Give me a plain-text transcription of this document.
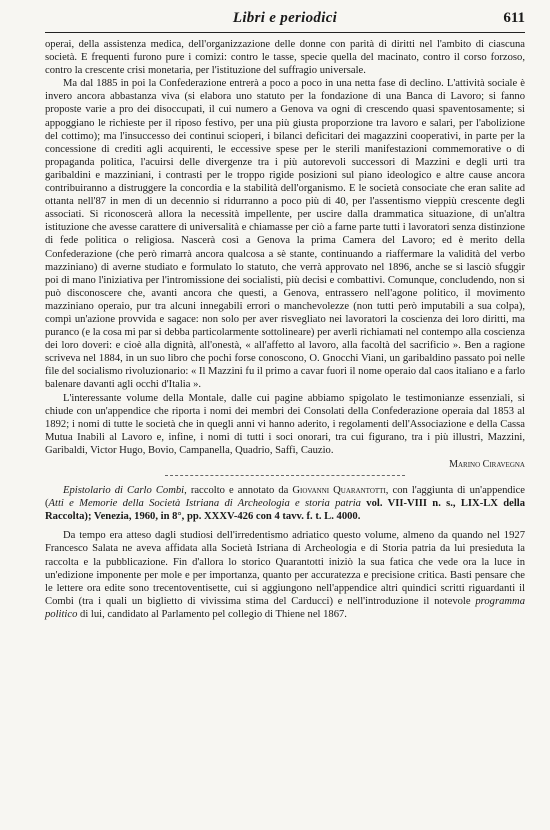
Libri e periodici	611

operai, della assistenza medica, dell'organizzazione delle donne con parità di diritti nel l'ambito di ciascuna società. E frequenti furono pure i comizi: contro le tasse, specie quella del macinato, contro il corso forzoso, contro la crescente crisi monetaria, per l'istituzione del suffragio universale.

Ma dal 1885 in poi la Confederazione entrerà a poco a poco in una netta fase di declino. L'attività sociale è invero ancora abbastanza viva (si elabora uno statuto per la fondazione di una Banca di Lavoro; si fanno proposte varie a pro dei disoccupati, il cui numero a Genova va ogni dì crescendo quasi spaventosamente; si appoggiano le richieste per il riposo festivo, per una più giusta proporzione tra lavoro e salari, per l'abolizione del cottimo); ma l'insuccesso dei continui scioperi, i bilanci deficitari dei magazzini cooperativi, in parte per la concessione di crediti agli acquirenti, le eccessive spese per le sterili manifestazioni commemorative o di propaganda politica, l'acuirsi delle divergenze tra i più autorevoli successori di Mazzini e degli urti tra garibaldini e mazziniani, i contrasti per le troppo rigide posizioni sul piano ideologico e altre cause ancora contribuiranno a distruggere la concordia e la stabilità dell'organismo. E le società consociate che eran salite ad ottanta nell'87 in men di un decennio si ridurranno a poco più di 40, per l'assentismo vieppiù crescente degli associati. Si riconoscerà allora la necessità impellente, per uscire dalla drammatica situazione, di un'altra istituzione che avesse carattere di universalità e chiamasse per ciò a farne parte tutti i lavoratori senza distinzione di fede politica o religiosa. Nascerà così a Genova la prima Camera del Lavoro; ed è merito della Confederazione (che però rimarrà ancora qualcosa a sè stante, continuando a riaffermare la validità del verbo mazziniano) di averne studiato e formulato lo statuto, che verrà approvato nel 1896, anche se si lasciò sfuggir poi di mano l'iniziativa per l'intromissione dei socialisti, più decisi e combattivi. Comunque, concludendo, non si può disconoscere che, avanti ancora che questi, a Genova, entrassero nell'agone politico, il movimento mazziniano operaio, pur tra alcuni innegabili errori o manchevolezze (non tutti però imputabili a sua colpa), compì un'azione provvida e sagace: non solo per aver risvegliato nei lavoratori la coscienza dei loro diritti, ma puranco (e la cosa mi par si debba particolarmente sottolineare) per averli richiamati nel contempo alla coscienza dei loro doveri: e cioè alla dignità, all'onestà, « all'affetto al lavoro, alla facoltà del sacrificio ». Ben a ragione scriveva nel 1884, in un suo libro che pochi forse conoscono, O. Gnocchi Viani, un garibaldino passato poi nelle file del socialismo rivoluzionario: « Il Mazzini fu il primo a cavar fuori il nome operaio dal caos italiano e a farlo balenare davanti agli occhi d'Italia ».

L'interessante volume della Montale, dalle cui pagine abbiamo spigolato le testimonianze essenziali, si chiude con un'appendice che riporta i nomi dei membri dei Consolati della Confederazione operaia dal 1853 al 1892; i nomi di tutte le società che in quegli anni vi hanno aderito, i regolamenti dell'Associazione e della Cassa Mutua Inabili al Lavoro e, infine, i nomi di tutti i soci onorari, tra cui figurano, tra i più illustri, Mazzini, Garibaldi, Victor Hugo, Bovio, Campanella, Quadrio, Saffi, Cauzio.

Marino Ciravegna

Epistolario di Carlo Combi, raccolto e annotato da Giovanni Quarantotti, con l'aggiunta di un'appendice (Atti e Memorie della Società Istriana di Archeologia e storia patria vol. VII-VIII n. s., LIX-LX della Raccolta); Venezia, 1960, in 8°, pp. XXXV-426 con 4 tavv. f. t. L. 4000.

Da tempo era atteso dagli studiosi dell'irredentismo adriatico questo volume, almeno da quando nel 1927 Francesco Salata ne aveva affidata alla Società Istriana di Archeologia e di Storia patria da lui presieduta la raccolta e la pubblicazione. Fin d'allora lo storico Quarantotti iniziò la sua fatica che vede ora la luce in un'edizione imponente per mole e per importanza, quanto per accuratezza e precisione critica. Basti pensare che le lettere ora edite sono trecentoventisette, cui si aggiungono nell'appendice altri quindici scritti riguardanti il Combi (tra i quali un biglietto di vivissima stima del Carducci) e nell'introduzione il notevole programma politico di lui, candidato al Parlamento pel collegio di Thiene nel 1867.
